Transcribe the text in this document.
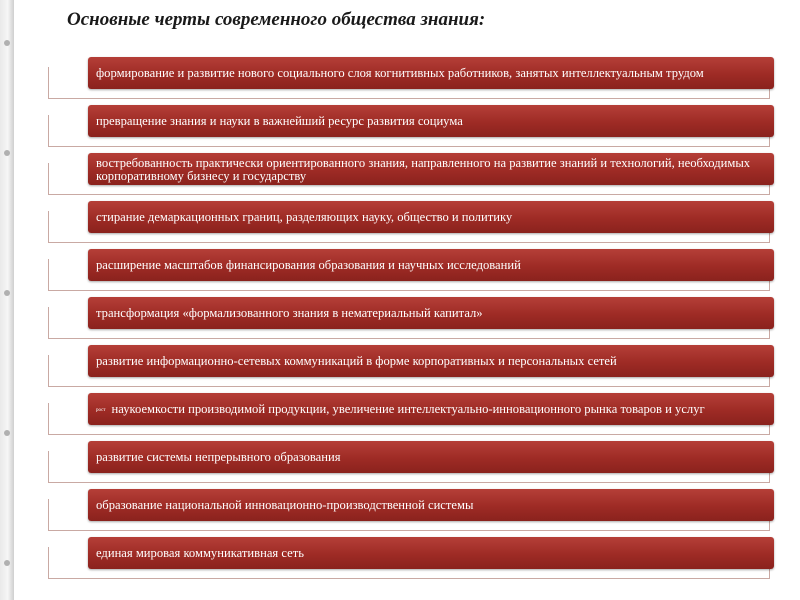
Основные черты современного общества знания:
формирование и развитие нового социального слоя когнитивных работников, занятых интеллектуальным трудом
превращение знания и науки в важнейший ресурс развития социума
востребованность практически ориентированного знания, направленного на развитие знаний и технологий, необходимых корпоративному бизнесу и государству
стирание демаркационных границ, разделяющих науку, общество и политику
расширение масштабов финансирования образования и научных исследований
трансформация «формализованного знания в нематериальный капитал»
развитие информационно-сетевых коммуникаций в форме корпоративных и персональных сетей
рост наукоемкости производимой продукции, увеличение интеллектуально-инновационного рынка товаров и услуг
развитие системы непрерывного образования
образование национальной инновационно-производственной системы
единая мировая коммуникативная сеть
